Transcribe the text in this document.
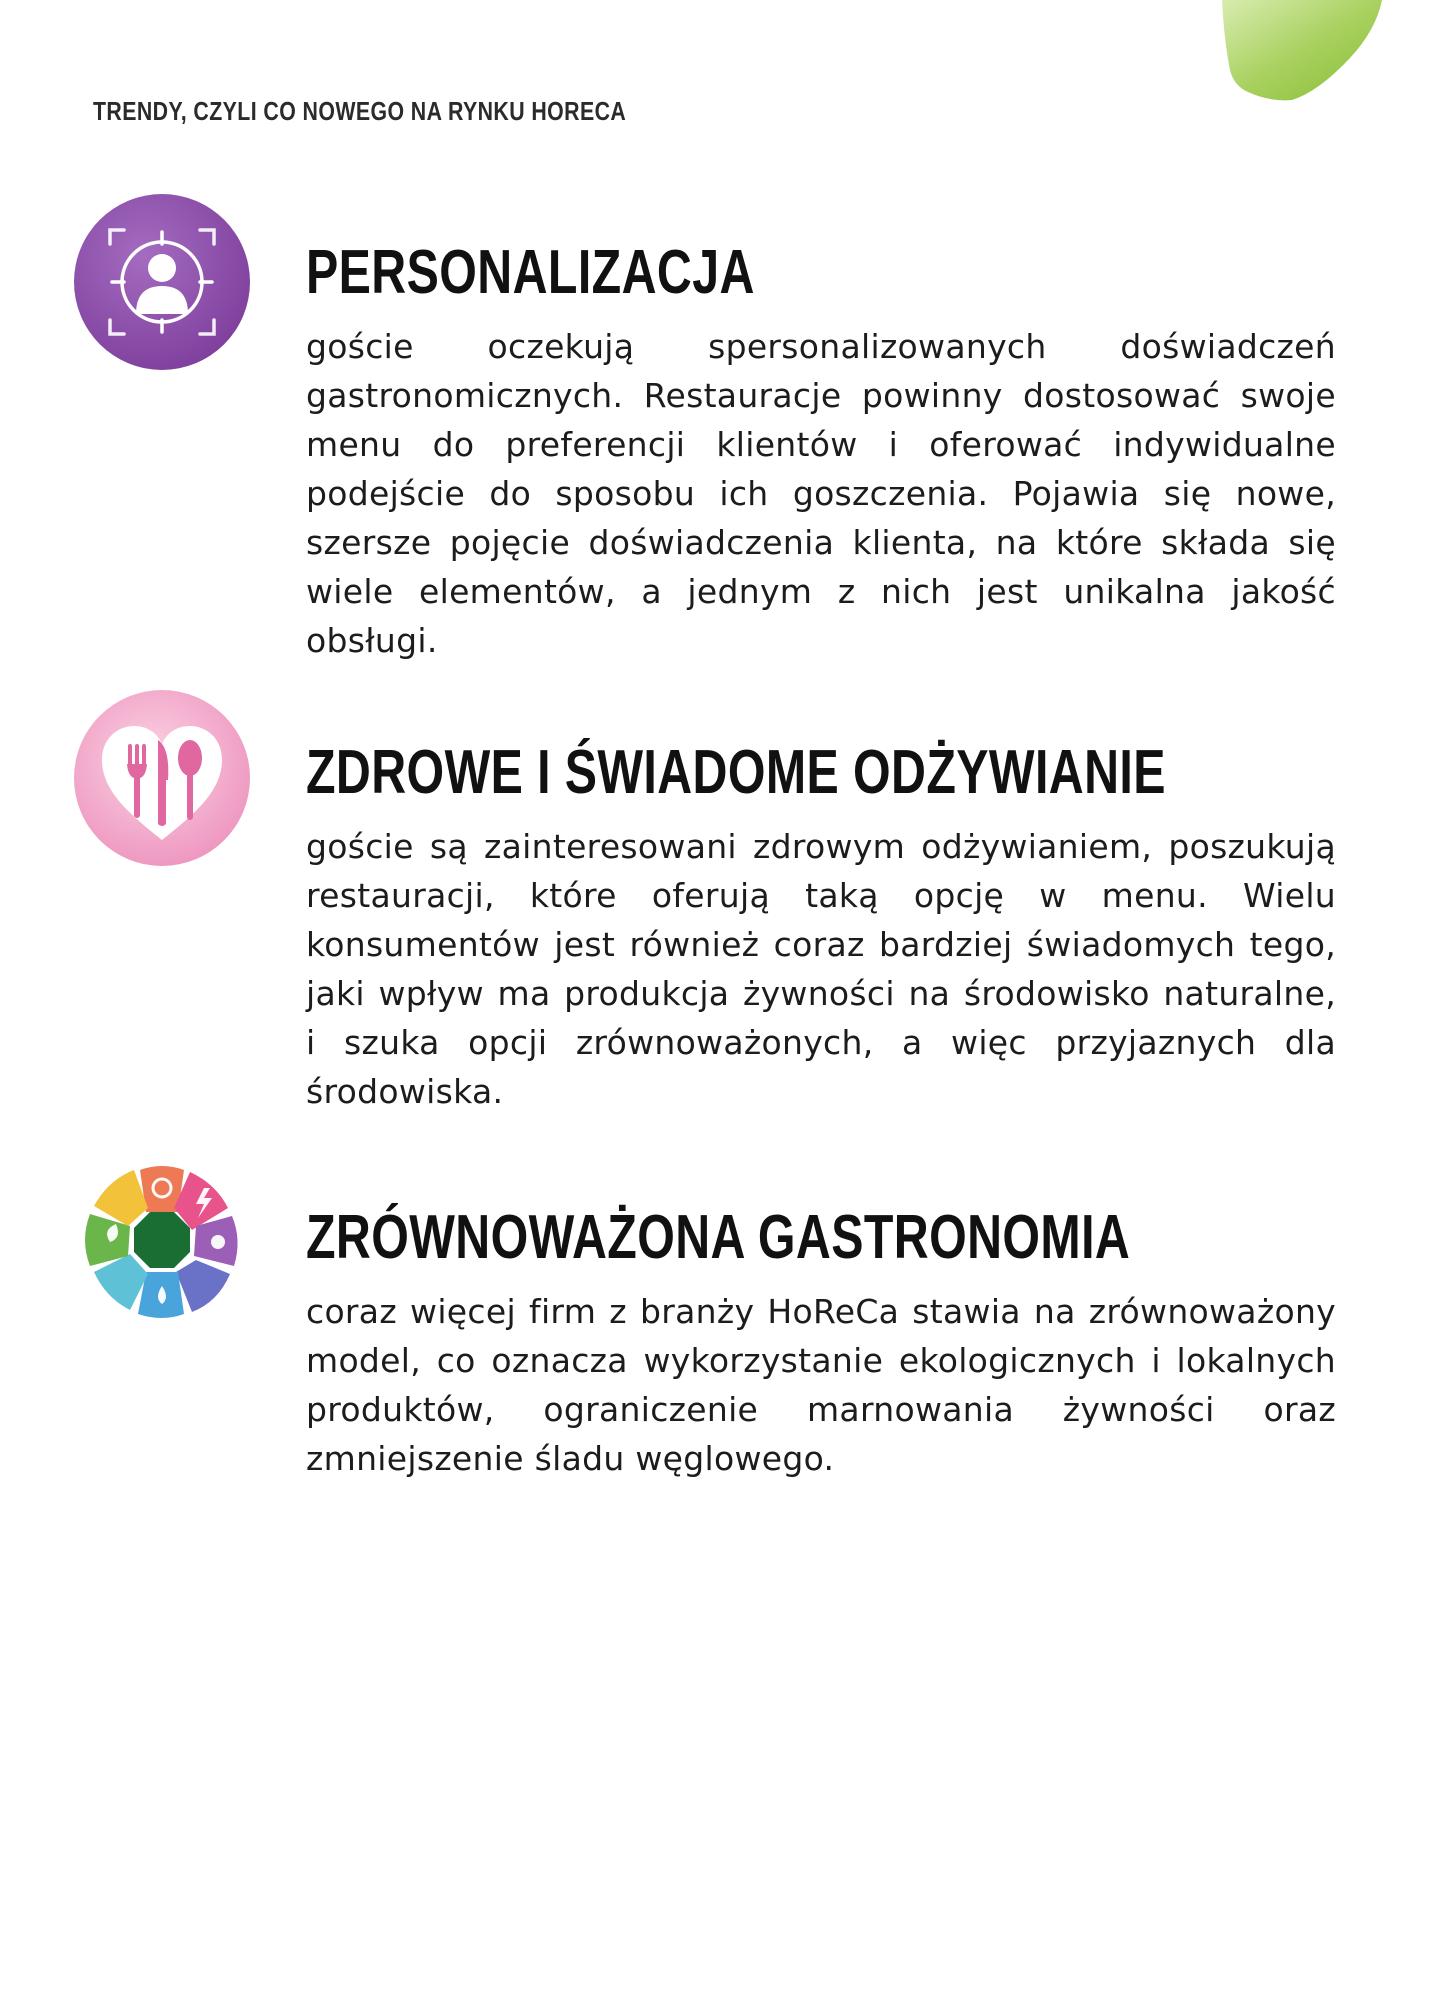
TRENDY, CZYLI CO NOWEGO NA RYNKU HORECA
PERSONALIZACJA

goście oczekują spersonalizowanych doświadczeń gastronomicznych. Restauracje powinny dostosować swoje menu do preferencji klientów i oferować indywidualne podejście do sposobu ich goszczenia. Pojawia się nowe, szersze pojęcie doświadczenia klienta, na które składa się wiele elementów, a jednym z nich jest unikalna jakość obsługi.

ZDROWE I ŚWIADOME ODŻYWIANIE

goście są zainteresowani zdrowym odżywianiem, poszukują restauracji, które oferują taką opcję w menu. Wielu konsumentów jest również coraz bardziej świadomych tego, jaki wpływ ma produkcja żywności na środowisko naturalne, i szuka opcji zrównoważonych, a więc przyjaznych dla środowiska.

ZRÓWNOWAŻONA GASTRONOMIA

coraz więcej firm z branży HoReCa stawia na zrównoważony model, co oznacza wykorzystanie ekologicznych i lokalnych produktów, ograniczenie marnowania żywności oraz zmniejszenie śladu węglowego.
